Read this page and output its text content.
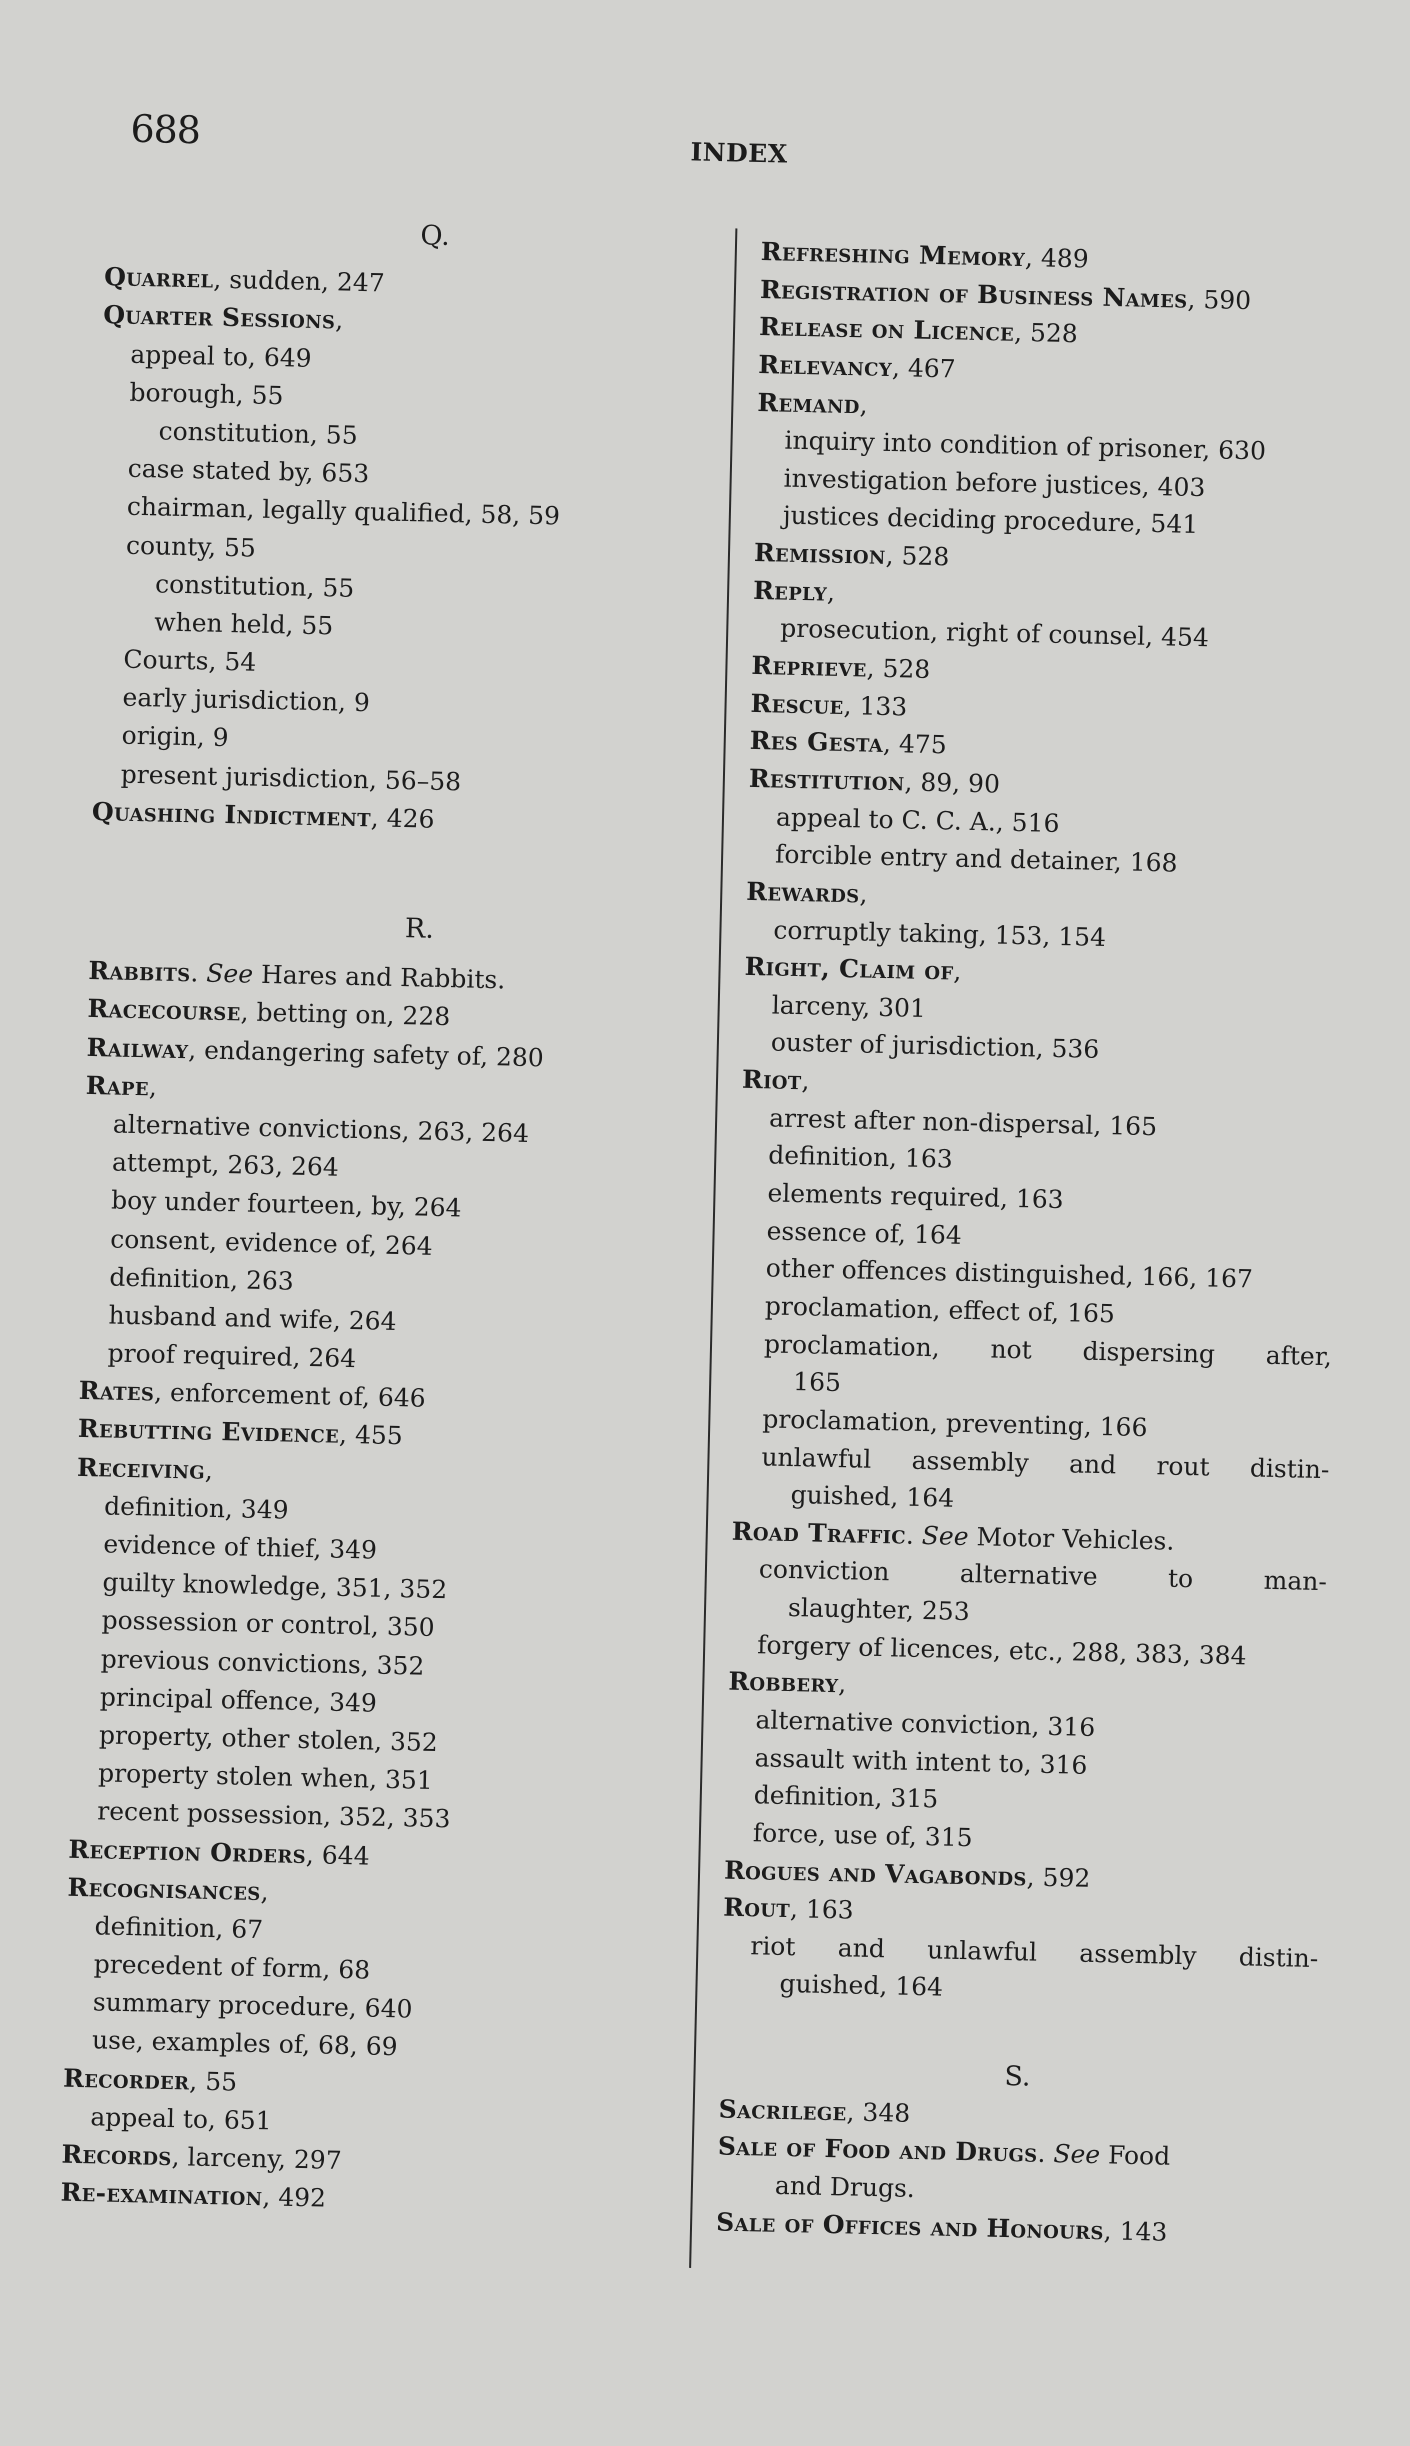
688
INDEX
Q.
Quarrel, sudden, 247
Quarter Sessions,
appeal to, 649
borough, 55
constitution, 55
case stated by, 653
chairman, legally qualified, 58, 59
county, 55
constitution, 55
when held, 55
Courts, 54
early jurisdiction, 9
origin, 9
present jurisdiction, 56–58
Quashing Indictment, 426
R.
Rabbits. See Hares and Rabbits.
Racecourse, betting on, 228
Railway, endangering safety of, 280
Rape,
alternative convictions, 263, 264
attempt, 263, 264
boy under fourteen, by, 264
consent, evidence of, 264
definition, 263
husband and wife, 264
proof required, 264
Rates, enforcement of, 646
Rebutting Evidence, 455
Receiving,
definition, 349
evidence of thief, 349
guilty knowledge, 351, 352
possession or control, 350
previous convictions, 352
principal offence, 349
property, other stolen, 352
property stolen when, 351
recent possession, 352, 353
Reception Orders, 644
Recognisances,
definition, 67
precedent of form, 68
summary procedure, 640
use, examples of, 68, 69
Recorder, 55
appeal to, 651
Records, larceny, 297
Re-examination, 492
Refreshing Memory, 489
Registration of Business Names, 590
Release on Licence, 528
Relevancy, 467
Remand,
inquiry into condition of prisoner, 630
investigation before justices, 403
justices deciding procedure, 541
Remission, 528
Reply,
prosecution, right of counsel, 454
Reprieve, 528
Rescue, 133
Res Gesta, 475
Restitution, 89, 90
appeal to C. C. A., 516
forcible entry and detainer, 168
Rewards,
corruptly taking, 153, 154
Right, Claim of,
larceny, 301
ouster of jurisdiction, 536
Riot,
arrest after non-dispersal, 165
definition, 163
elements required, 163
essence of, 164
other offences distinguished, 166, 167
proclamation, effect of, 165
proclamation, not dispersing after,
165
proclamation, preventing, 166
unlawful assembly and rout distin-
guished, 164
Road Traffic. See Motor Vehicles.
conviction alternative to man-
slaughter, 253
forgery of licences, etc., 288, 383, 384
Robbery,
alternative conviction, 316
assault with intent to, 316
definition, 315
force, use of, 315
Rogues and Vagabonds, 592
Rout, 163
riot and unlawful assembly distin-
guished, 164
S.
Sacrilege, 348
Sale of Food and Drugs. See Food
and Drugs.
Sale of Offices and Honours, 143
